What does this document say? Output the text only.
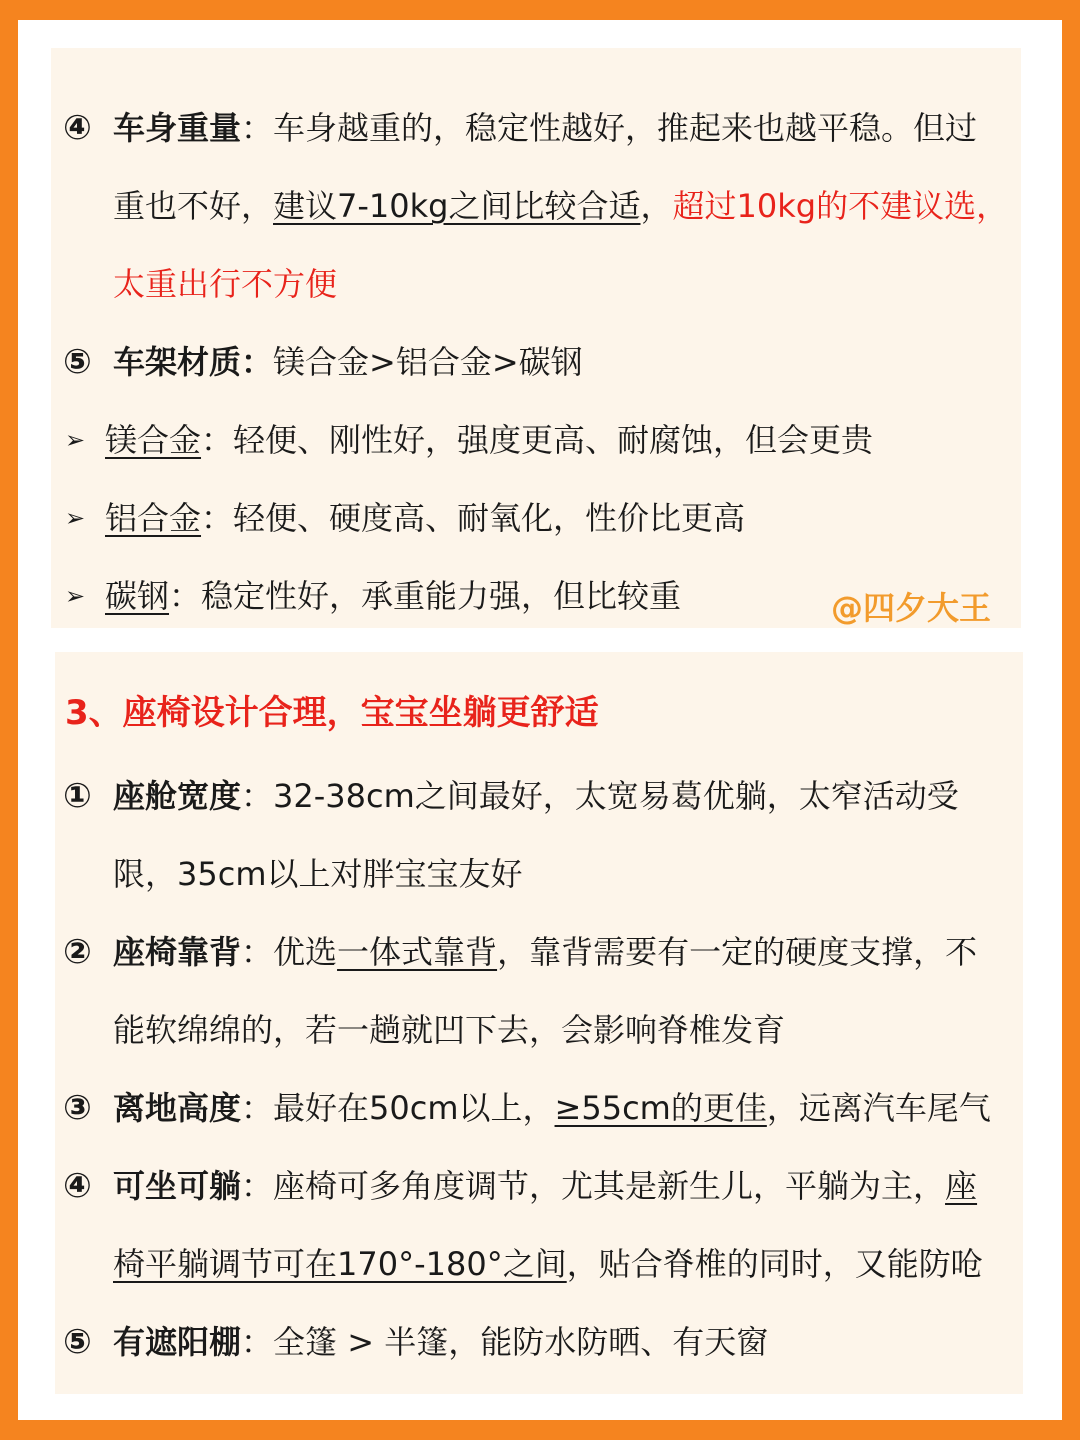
④ 车身重量：车身越重的，稳定性越好，推起来也越平稳。但过
重也不好，建议7-10kg之间比较合适，超过10kg的不建议选，
太重出行不方便
⑤ 车架材质：镁合金>铝合金>碳钢
➢ 镁合金：轻便、刚性好，强度更高、耐腐蚀，但会更贵
➢ 铝合金：轻便、硬度高、耐氧化，性价比更高
➢ 碳钢：稳定性好，承重能力强，但比较重	@四夕大王
3、座椅设计合理，宝宝坐躺更舒适
① 座舱宽度：32-38cm之间最好，太宽易葛优躺，太窄活动受
限，35cm以上对胖宝宝友好
② 座椅靠背：优选一体式靠背，靠背需要有一定的硬度支撑，不
能软绵绵的，若一趟就凹下去，会影响脊椎发育
③ 离地高度：最好在50cm以上，≥55cm的更佳，远离汽车尾气
④ 可坐可躺：座椅可多角度调节，尤其是新生儿，平躺为主，座
椅平躺调节可在170°-180°之间，贴合脊椎的同时，又能防呛
⑤ 有遮阳棚：全篷 > 半篷，能防水防晒、有天窗
